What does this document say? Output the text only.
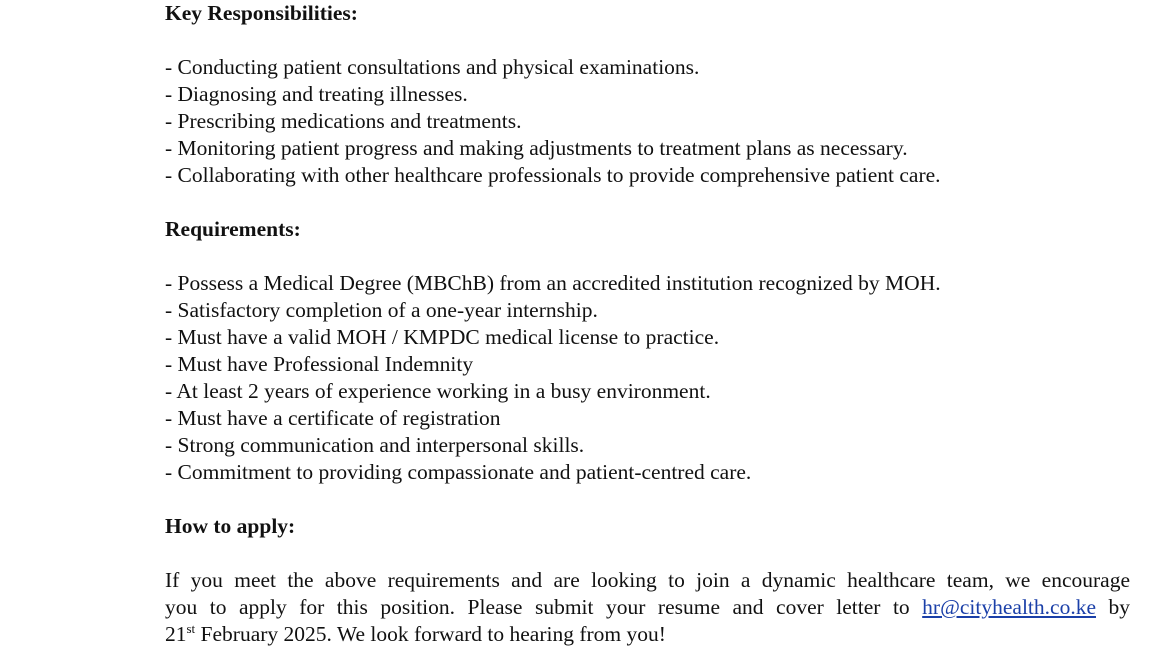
Key Responsibilities:
- Conducting patient consultations and physical examinations.
- Diagnosing and treating illnesses.
- Prescribing medications and treatments.
- Monitoring patient progress and making adjustments to treatment plans as necessary.
- Collaborating with other healthcare professionals to provide comprehensive patient care.
Requirements:
- Possess a Medical Degree (MBChB) from an accredited institution recognized by MOH.
- Satisfactory completion of a one-year internship.
- Must have a valid MOH / KMPDC medical license to practice.
- Must have Professional Indemnity
- At least 2 years of experience working in a busy environment.
- Must have a certificate of registration
- Strong communication and interpersonal skills.
- Commitment to providing compassionate and patient-centred care.
How to apply:
If you meet the above requirements and are looking to join a dynamic healthcare team, we encourage
you to apply for this position. Please submit your resume and cover letter to hr@cityhealth.co.ke by
21st February 2025. We look forward to hearing from you!
